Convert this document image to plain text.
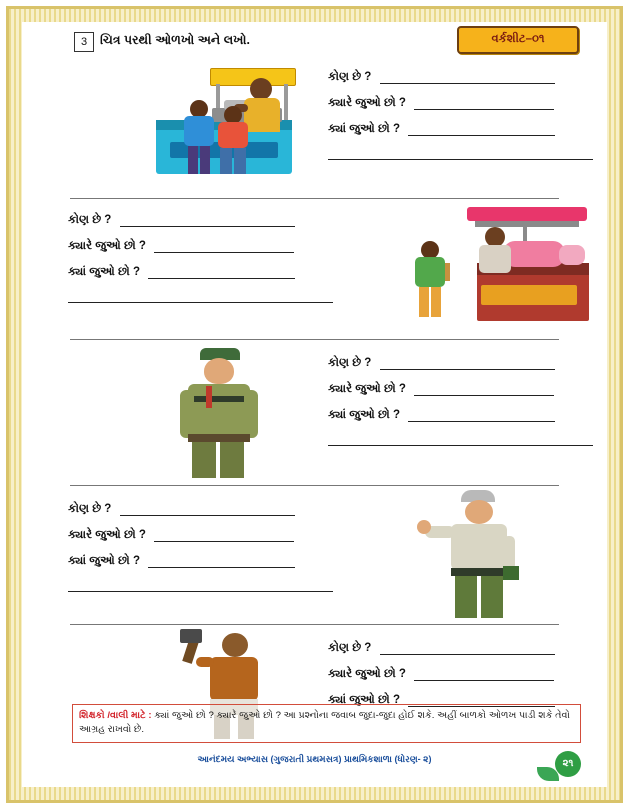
3	ચિત્ર પરથી ઓળખો અને લખો.	વર્કશીટ–૦૧
કોણ છે ?
ક્યારે જુઓ છો ?
ક્યાં જુઓ છો ?
કોણ છે ?
ક્યારે જુઓ છો ?
ક્યાં જુઓ છો ?
કોણ છે ?
ક્યારે જુઓ છો ?
ક્યાં જુઓ છો ?
કોણ છે ?
ક્યારે જુઓ છો ?
ક્યાં જુઓ છો ?
કોણ છે ?
ક્યારે જુઓ છો ?
ક્યાં જુઓ છો ?
શિક્ષકો /વાલી માટે : ક્યાં જુઓ છો ? ક્યારે જુઓ છો ? આ પ્રશ્નોના જવાબ જુદા-જુદા હોઈ શકે. અહીં બાળકો ઓળખ પાડી શકે તેવો આગ્રહ રાખવો છે.
આનંદમય અભ્યાસ (ગુજરાતી પ્રથમસત્ર) પ્રાથમિકશાળા (ધોરણ- ૨)	૨૧
